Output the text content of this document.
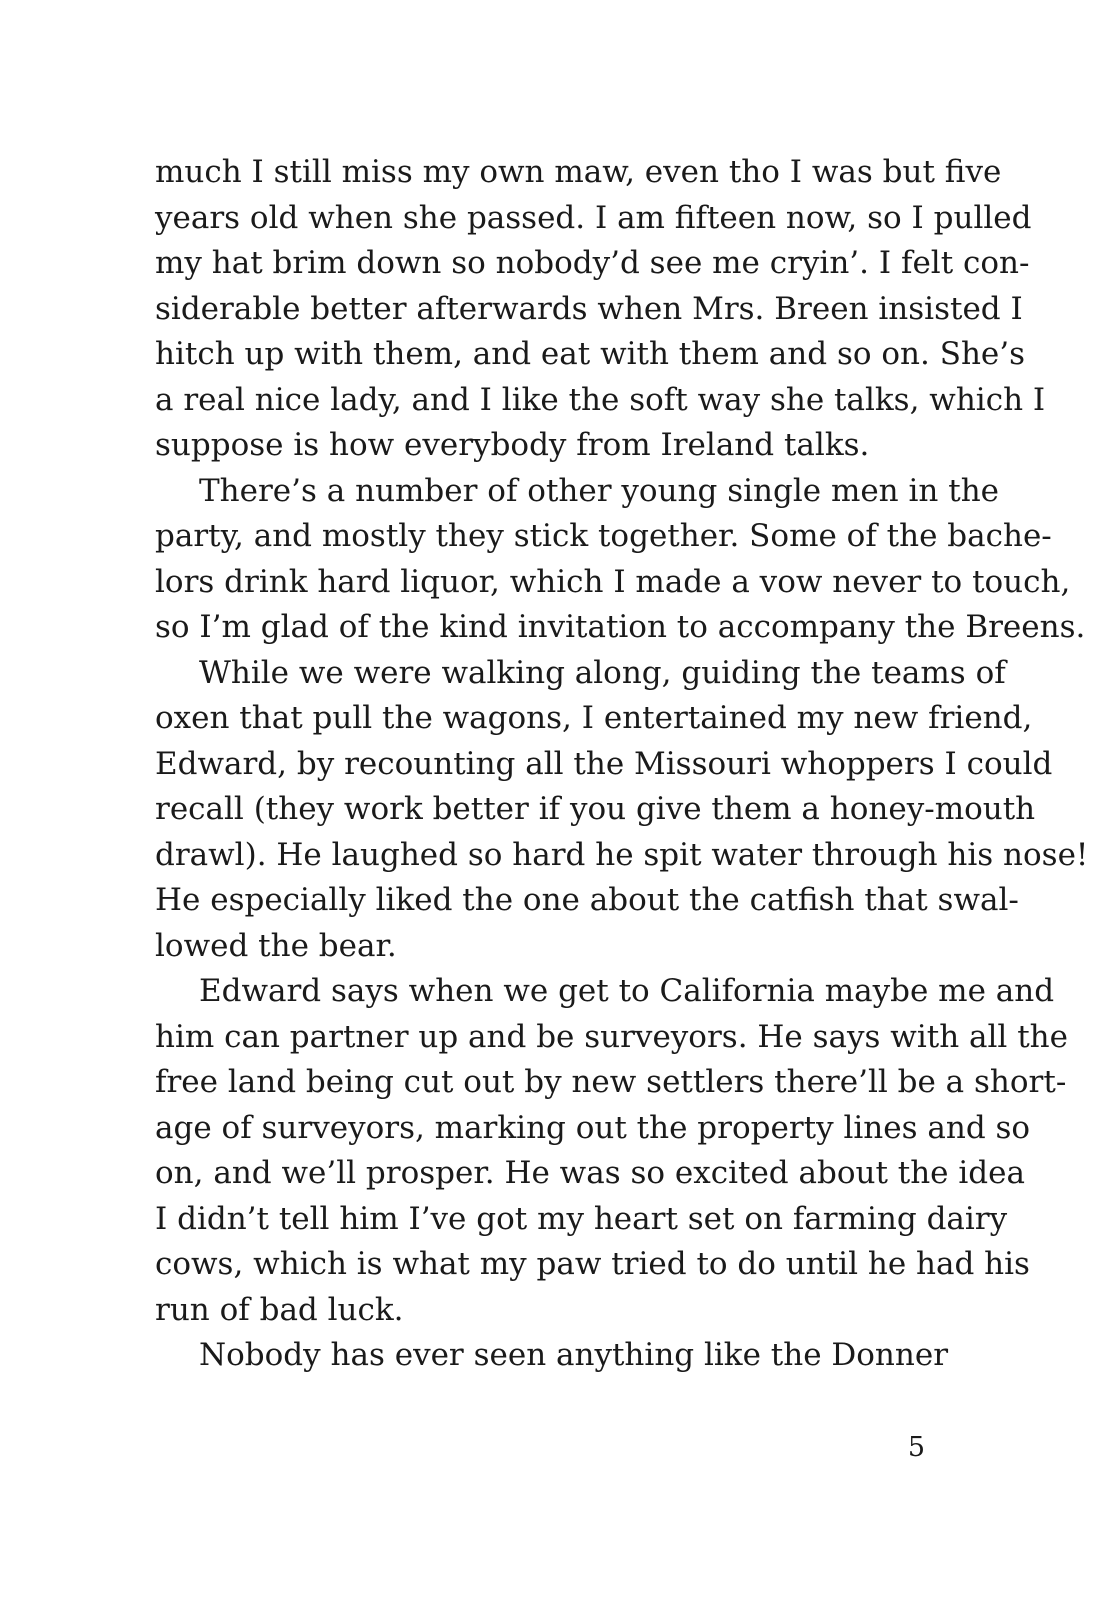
much I still miss my own maw, even tho I was but five
years old when she passed. I am fifteen now, so I pulled
my hat brim down so nobody’d see me cryin’. I felt con-
siderable better afterwards when Mrs. Breen insisted I
hitch up with them, and eat with them and so on. She’s
a real nice lady, and I like the soft way she talks, which I
suppose is how everybody from Ireland talks.
There’s a number of other young single men in the
party, and mostly they stick together. Some of the bache-
lors drink hard liquor, which I made a vow never to touch,
so I’m glad of the kind invitation to accompany the Breens.
While we were walking along, guiding the teams of
oxen that pull the wagons, I entertained my new friend,
Edward, by recounting all the Missouri whoppers I could
recall (they work better if you give them a honey-mouth
drawl). He laughed so hard he spit water through his nose!
He especially liked the one about the catfish that swal-
lowed the bear.
Edward says when we get to California maybe me and
him can partner up and be surveyors. He says with all the
free land being cut out by new settlers there’ll be a short-
age of surveyors, marking out the property lines and so
on, and we’ll prosper. He was so excited about the idea
I didn’t tell him I’ve got my heart set on farming dairy
cows, which is what my paw tried to do until he had his
run of bad luck.
Nobody has ever seen anything like the Donner
5
